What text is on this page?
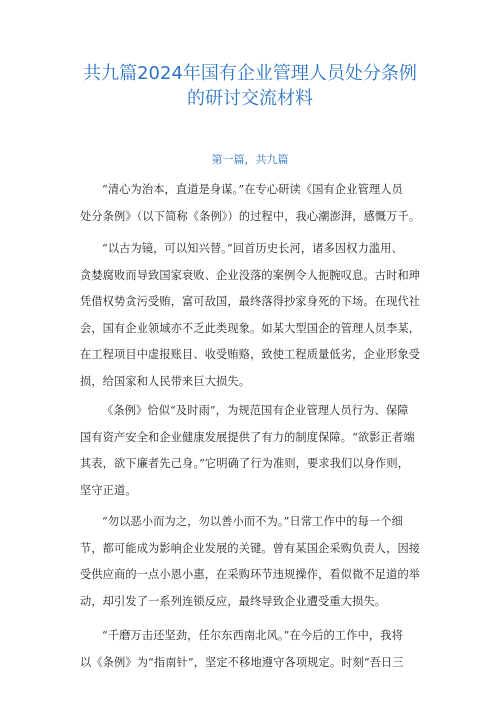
共九篇2024年国有企业管理人员处分条例
的研讨交流材料
第一篇，共九篇

“清心为治本，直道是身谋。”在专心研读《国有企业管理人员
处分条例》（以下简称《条例》）的过程中，我心潮澎湃，感慨万千。

“以古为镜，可以知兴替。”回首历史长河，诸多因权力滥用、
贪婪腐败而导致国家衰败、企业没落的案例令人扼腕叹息。古时和珅
凭借权势贪污受贿，富可敌国，最终落得抄家身死的下场。在现代社
会，国有企业领域亦不乏此类现象。如某大型国企的管理人员李某，
在工程项目中虚报账目、收受贿赂，致使工程质量低劣，企业形象受
损，给国家和人民带来巨大损失。

《条例》恰似“及时雨”，为规范国有企业管理人员行为、保障
国有资产安全和企业健康发展提供了有力的制度保障。“欲影正者端
其表，欲下廉者先己身。”它明确了行为准则，要求我们以身作则，
坚守正道。

“勿以恶小而为之，勿以善小而不为。”日常工作中的每一个细
节，都可能成为影响企业发展的关键。曾有某国企采购负责人，因接
受供应商的一点小恩小惠，在采购环节违规操作，看似微不足道的举
动，却引发了一系列连锁反应，最终导致企业遭受重大损失。

“千磨万击还坚劲，任尔东西南北风。”在今后的工作中，我将
以《条例》为“指南针”，坚定不移地遵守各项规定。时刻“吾日三
